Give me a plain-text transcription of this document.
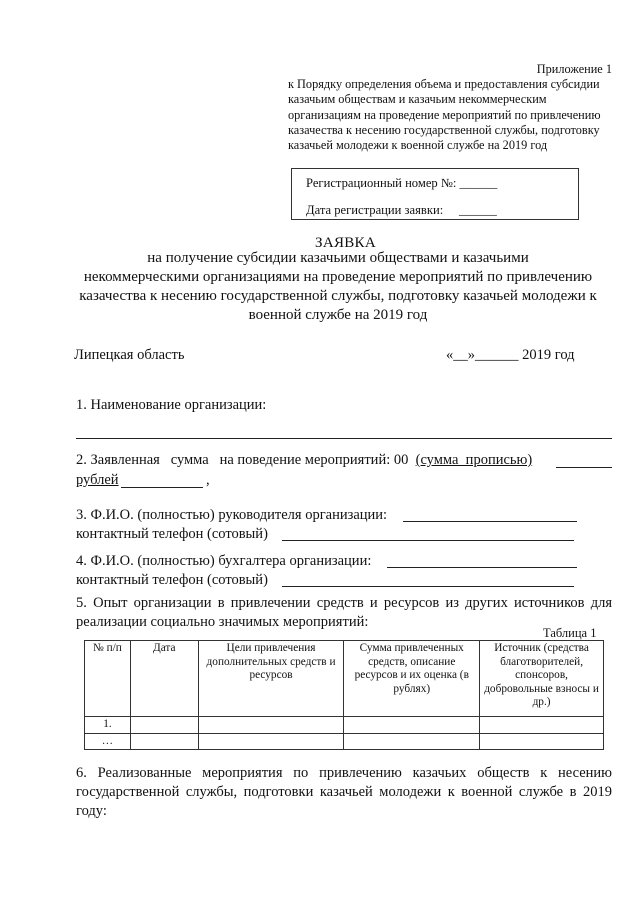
Приложение 1
к Порядку определения объема и предоставления субсидии
казачьим обществам и казачьим некоммерческим
организациям на проведение мероприятий по привлечению
казачества к несению государственной службы, подготовку
казачьей молодежи к военной службе на 2019 год
Регистрационный номер №: ______
Дата регистрации заявки: ______
ЗАЯВКА
на получение субсидии казачьими обществами и казачьими
некоммерческими организациями на проведение мероприятий по привлечению
казачества к несению государственной службы, подготовку казачьей молодежи к
военной службе на 2019 год
Липецкая область	«__»______ 2019 год
1. Наименование организации:
2. Заявленная   сумма   на поведение мероприятий: 00  (сумма  прописью)
рублей	,
3. Ф.И.О. (полностью) руководителя организации:
контактный телефон (сотовый)
4. Ф.И.О. (полностью) бухгалтера организации:
контактный телефон (сотовый)
5. Опыт организации в привлечении средств и ресурсов из других источников для реализации социально значимых мероприятий:
Таблица 1
№ п/п	Дата	Цели привлечения дополнительных средств и ресурсов	Сумма привлеченных средств, описание ресурсов и их оценка (в рублях)	Источник (средства благотворителей, спонсоров, добровольные взносы и др.)
1.				
…				
6. Реализованные мероприятия по привлечению казачьих обществ к несению государственной службы, подготовки казачьей молодежи к военной службе в 2019 году:
